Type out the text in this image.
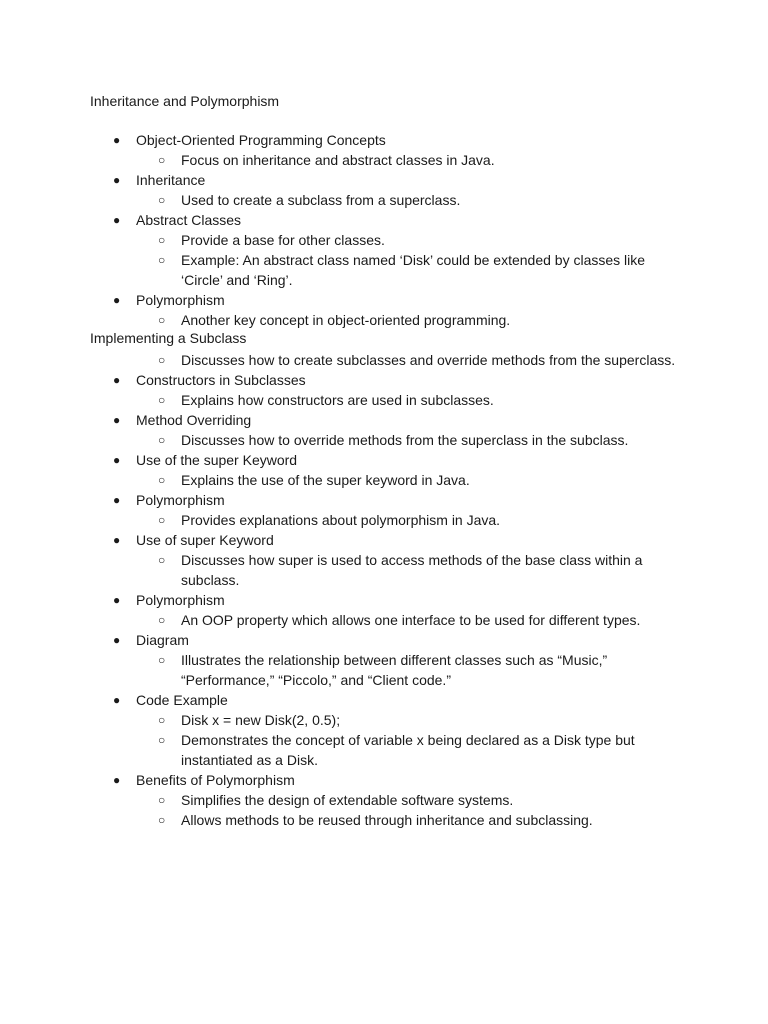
Inheritance and Polymorphism
● Object-Oriented Programming Concepts
○	Focus on inheritance and abstract classes in Java.
● Inheritance
○	Used to create a subclass from a superclass.
● Abstract Classes
○	Provide a base for other classes.
○	Example: An abstract class named ‘Disk’ could be extended by classes like
‘Circle’ and ‘Ring’.
● Polymorphism
○	Another key concept in object-oriented programming.
Implementing a Subclass
○	Discusses how to create subclasses and override methods from the superclass.
● Constructors in Subclasses
○	Explains how constructors are used in subclasses.
● Method Overriding
○	Discusses how to override methods from the superclass in the subclass.
● Use of the super Keyword
○	Explains the use of the super keyword in Java.
● Polymorphism
○	Provides explanations about polymorphism in Java.
● Use of super Keyword
○	Discusses how super is used to access methods of the base class within a
subclass.
● Polymorphism
○	An OOP property which allows one interface to be used for different types.
● Diagram
○	Illustrates the relationship between different classes such as “Music,”
“Performance,” “Piccolo,” and “Client code.”
● Code Example
○	Disk x = new Disk(2, 0.5);
○	Demonstrates the concept of variable x being declared as a Disk type but
instantiated as a Disk.
● Benefits of Polymorphism
○	Simplifies the design of extendable software systems.
○	Allows methods to be reused through inheritance and subclassing.
